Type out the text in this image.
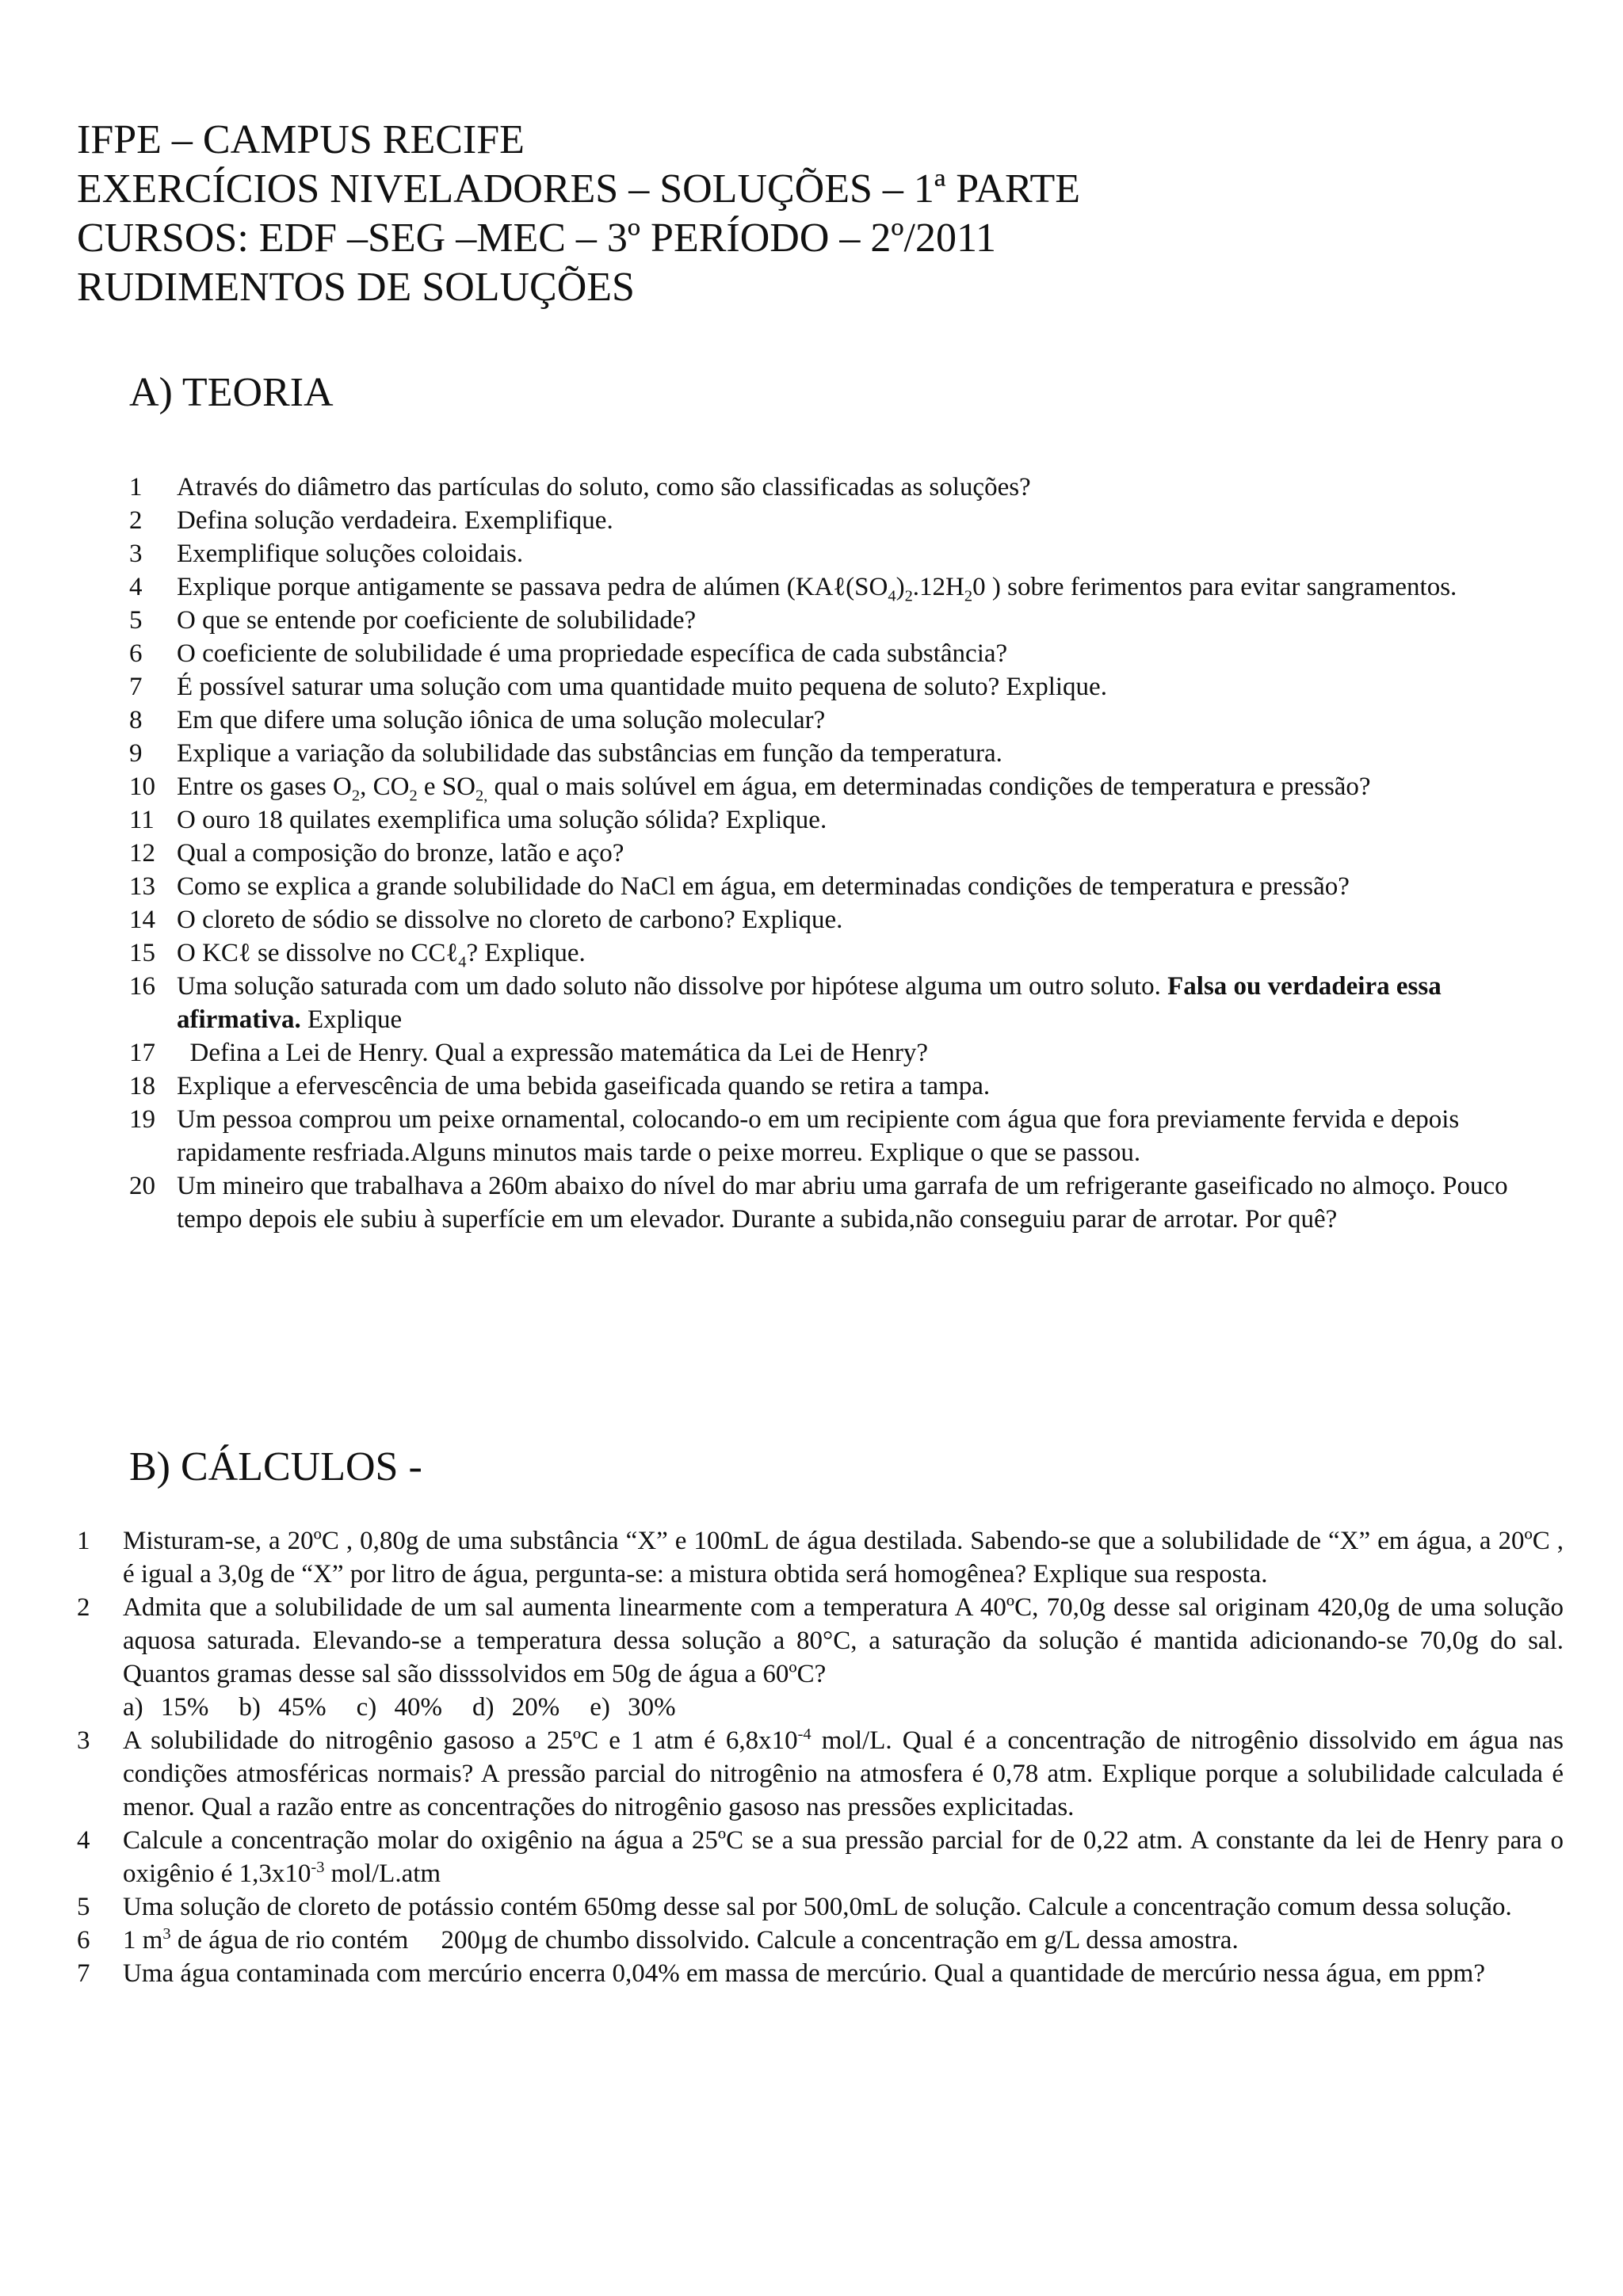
IFPE – CAMPUS RECIFE
EXERCÍCIOS NIVELADORES – SOLUÇÕES – 1ª PARTE
CURSOS: EDF –SEG –MEC – 3º PERÍODO – 2º/2011
RUDIMENTOS DE SOLUÇÕES
A) TEORIA
1 Através do diâmetro das partículas do soluto, como são classificadas as soluções?
2 Defina solução verdadeira. Exemplifique.
3 Exemplifique soluções coloidais.
4 Explique porque antigamente se passava pedra de alúmen ($KA\ell(SO_4)_2.12H_20$ ) sobre ferimentos para evitar sangramentos.
5 O que se entende por coeficiente de solubilidade?
6 O coeficiente de solubilidade é uma propriedade específica de cada substância?
7 É possível saturar uma solução com uma quantidade muito pequena de soluto? Explique.
8 Em que difere uma solução iônica de uma solução molecular?
9 Explique a variação da solubilidade das substâncias em função da temperatura.
10 Entre os gases $O_2$, $CO_2$ e $SO_{2,}$ qual o mais solúvel em água, em determinadas condições de temperatura e pressão?
11 O ouro 18 quilates exemplifica uma solução sólida? Explique.
12 Qual a composição do bronze, latão e aço?
13 Como se explica a grande solubilidade do NaCl em água, em determinadas condições de temperatura e pressão?
14 O cloreto de sódio se dissolve no cloreto de carbono? Explique.
15 O KCℓ se dissolve no CCℓ$_4$? Explique.
16 Uma solução saturada com um dado soluto não dissolve por hipótese alguma um outro soluto. Falsa ou verdadeira essa afirmativa. Explique
17 Defina a Lei de Henry. Qual a expressão matemática da Lei de Henry?
18 Explique a efervescência de uma bebida gaseificada quando se retira a tampa.
19 Um pessoa comprou um peixe ornamental, colocando-o em um recipiente com água que fora previamente fervida e depois rapidamente resfriada.Alguns minutos mais tarde o peixe morreu. Explique o que se passou.
20 Um mineiro que trabalhava a 260m abaixo do nível do mar abriu uma garrafa de um refrigerante gaseificado no almoço. Pouco tempo depois ele subiu à superfície em um elevador. Durante a subida,não conseguiu parar de arrotar. Por quê?
B) CÁLCULOS -
1 Misturam-se, a 20ºC , 0,80g de uma substância “X” e 100mL de água destilada. Sabendo-se que a solubilidade de “X” em água, a 20ºC , é igual a 3,0g de “X” por litro de água, pergunta-se: a mistura obtida será homogênea? Explique sua resposta.
2 Admita que a solubilidade de um sal aumenta linearmente com a temperatura A 40ºC, 70,0g desse sal originam 420,0g de uma solução aquosa saturada. Elevando-se a temperatura dessa solução a 80°C, a saturação da solução é mantida adicionando-se 70,0g do sal. Quantos gramas desse sal são disssolvidos em 50g de água a 60ºC?
a) 15% b) 45% c) 40% d) 20% e) 30%
3 A solubilidade do nitrogênio gasoso a 25ºC e 1 atm é $6,8x10^{-4}$ mol/L. Qual é a concentração de nitrogênio dissolvido em água nas condições atmosféricas normais? A pressão parcial do nitrogênio na atmosfera é 0,78 atm. Explique porque a solubilidade calculada é menor. Qual a razão entre as concentrações do nitrogênio gasoso nas pressões explicitadas.
4 Calcule a concentração molar do oxigênio na água a 25ºC se a sua pressão parcial for de 0,22 atm. A constante da lei de Henry para o oxigênio é $1,3x10^{-3}$ mol/L.atm
5 Uma solução de cloreto de potássio contém 650mg desse sal por 500,0mL de solução. Calcule a concentração comum dessa solução.
6 1 $m^3$ de água de rio contém     200μg de chumbo dissolvido. Calcule a concentração em g/L dessa amostra.
7 Uma água contaminada com mercúrio encerra 0,04% em massa de mercúrio. Qual a quantidade de mercúrio nessa água, em ppm?
